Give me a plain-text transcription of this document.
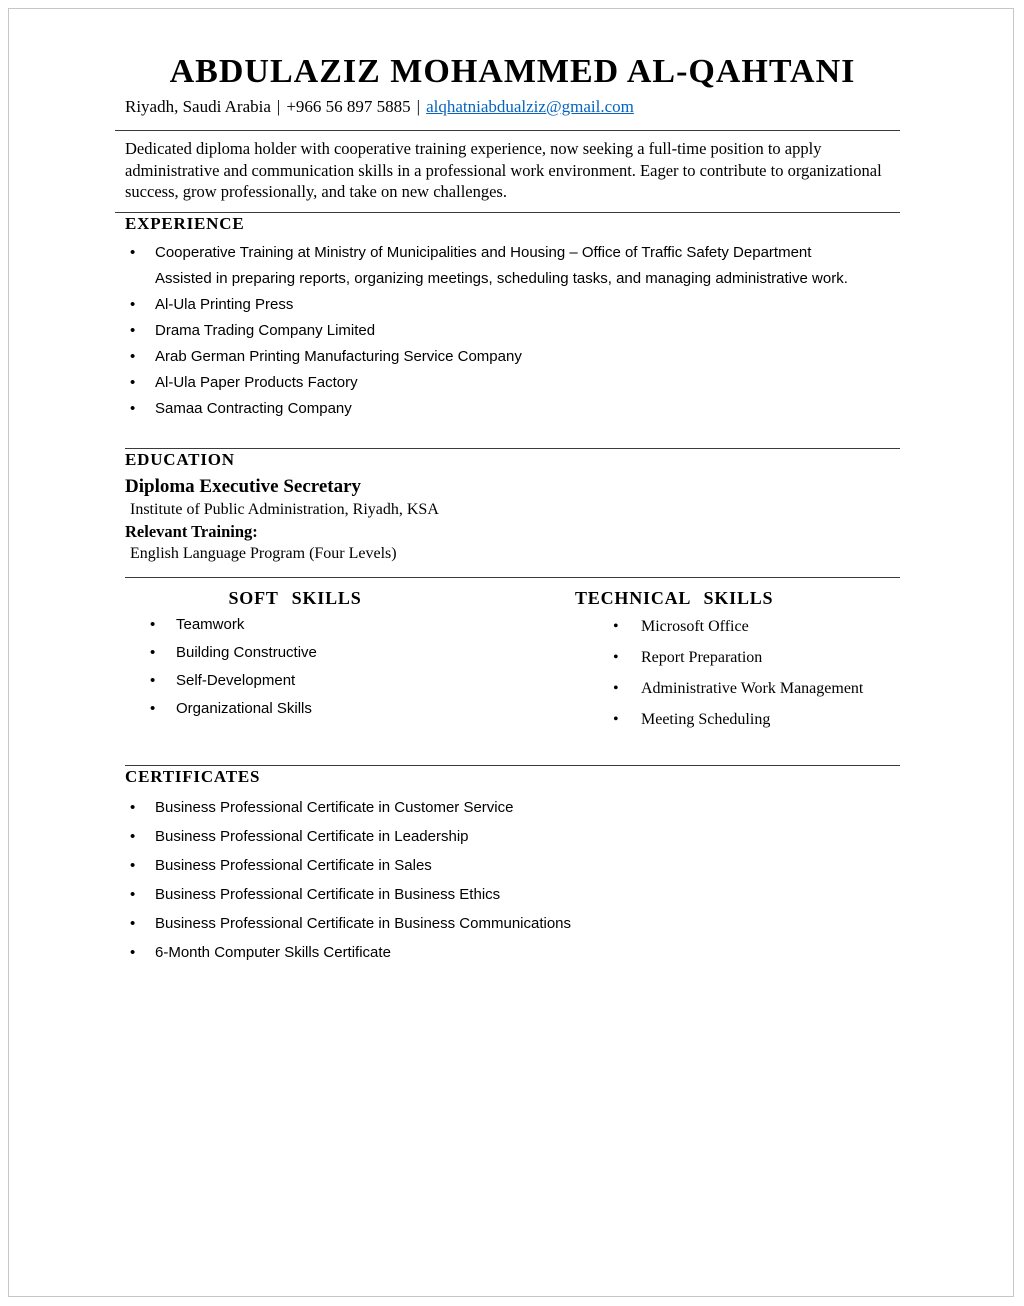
ABDULAZIZ MOHAMMED AL-QAHTANI

Riyadh, Saudi Arabia | +966 56 897 5885 | alqhatniabdualziz@gmail.com

Dedicated diploma holder with cooperative training experience, now seeking a full-time position to apply administrative and communication skills in a professional work environment. Eager to contribute to organizational success, grow professionally, and take on new challenges.

EXPERIENCE
• Cooperative Training at Ministry of Municipalities and Housing – Office of Traffic Safety Department
Assisted in preparing reports, organizing meetings, scheduling tasks, and managing administrative work.
• Al-Ula Printing Press
• Drama Trading Company Limited
• Arab German Printing Manufacturing Service Company
• Al-Ula Paper Products Factory
• Samaa Contracting Company
EDUCATION
Diploma Executive Secretary
Institute of Public Administration, Riyadh, KSA
Relevant Training:
English Language Program (Four Levels)
SOFT SKILLS
• Teamwork
• Building Constructive
• Self-Development
• Organizational Skills
TECHNICAL SKILLS
• Microsoft Office
• Report Preparation
• Administrative Work Management
• Meeting Scheduling
CERTIFICATES
• Business Professional Certificate in Customer Service
• Business Professional Certificate in Leadership
• Business Professional Certificate in Sales
• Business Professional Certificate in Business Ethics
• Business Professional Certificate in Business Communications
• 6-Month Computer Skills Certificate
